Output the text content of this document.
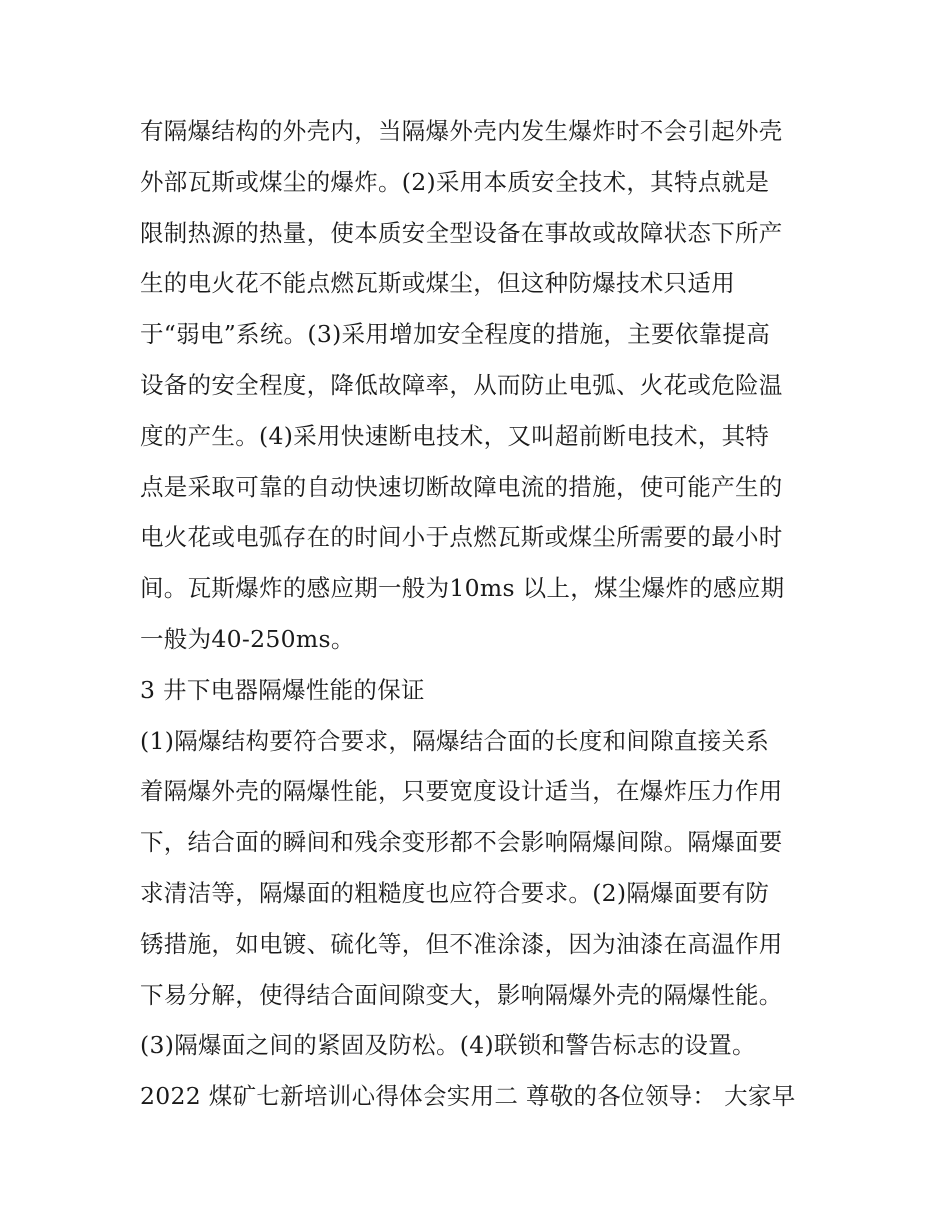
有隔爆结构的外壳内，当隔爆外壳内发生爆炸时不会引起外壳
外部瓦斯或煤尘的爆炸。(2)采用本质安全技术，其特点就是
限制热源的热量，使本质安全型设备在事故或故障状态下所产
生的电火花不能点燃瓦斯或煤尘，但这种防爆技术只适用
于“弱电”系统。(3)采用增加安全程度的措施，主要依靠提高
设备的安全程度，降低故障率，从而防止电弧、火花或危险温
度的产生。(4)采用快速断电技术，又叫超前断电技术，其特
点是采取可靠的自动快速切断故障电流的措施，使可能产生的
电火花或电弧存在的时间小于点燃瓦斯或煤尘所需要的最小时
间。瓦斯爆炸的感应期一般为10ms 以上，煤尘爆炸的感应期
一般为40-250ms。
3 井下电器隔爆性能的保证
(1)隔爆结构要符合要求，隔爆结合面的长度和间隙直接关系
着隔爆外壳的隔爆性能，只要宽度设计适当，在爆炸压力作用
下，结合面的瞬间和残余变形都不会影响隔爆间隙。隔爆面要
求清洁等，隔爆面的粗糙度也应符合要求。(2)隔爆面要有防
锈措施，如电镀、硫化等，但不准涂漆，因为油漆在高温作用
下易分解，使得结合面间隙变大，影响隔爆外壳的隔爆性能。
(3)隔爆面之间的紧固及防松。(4)联锁和警告标志的设置。
2022 煤矿七新培训心得体会实用二 尊敬的各位领导： 大家早
